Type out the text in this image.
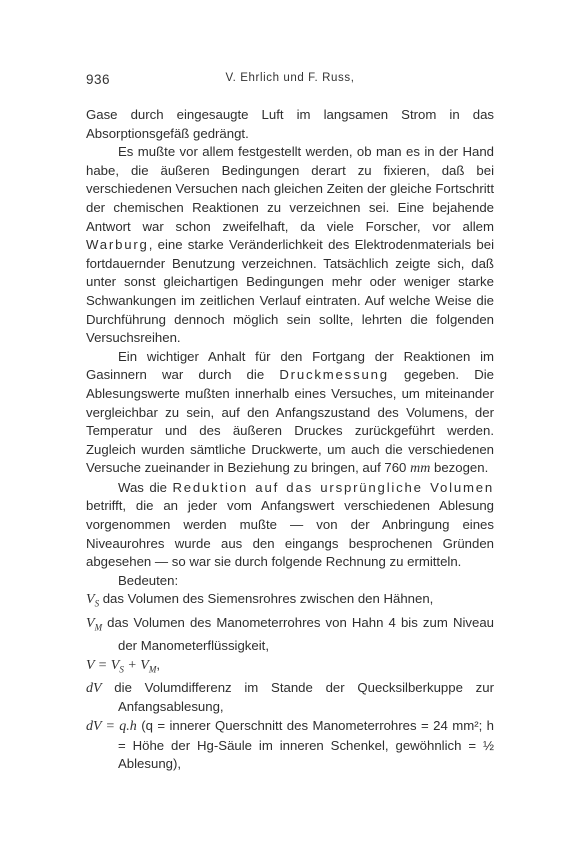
936	V. Ehrlich und F. Russ,

Gase durch eingesaugte Luft im langsamen Strom in das Absorptionsgefäß gedrängt.

Es mußte vor allem festgestellt werden, ob man es in der Hand habe, die äußeren Bedingungen derart zu fixieren, daß bei verschiedenen Versuchen nach gleichen Zeiten der gleiche Fortschritt der chemischen Reaktionen zu verzeichnen sei. Eine bejahende Antwort war schon zweifelhaft, da viele Forscher, vor allem Warburg, eine starke Veränderlichkeit des Elektrodenmaterials bei fortdauernder Benutzung verzeichnen. Tatsächlich zeigte sich, daß unter sonst gleichartigen Bedingungen mehr oder weniger starke Schwankungen im zeitlichen Verlauf eintraten. Auf welche Weise die Durchführung dennoch möglich sein sollte, lehrten die folgenden Versuchsreihen.

Ein wichtiger Anhalt für den Fortgang der Reaktionen im Gasinnern war durch die Druckmessung gegeben. Die Ablesungswerte mußten innerhalb eines Versuches, um miteinander vergleichbar zu sein, auf den Anfangszustand des Volumens, der Temperatur und des äußeren Druckes zurückgeführt werden. Zugleich wurden sämtliche Druckwerte, um auch die verschiedenen Versuche zueinander in Beziehung zu bringen, auf 760 mm bezogen.

Was die Reduktion auf das ursprüngliche Volumen betrifft, die an jeder vom Anfangswert verschiedenen Ablesung vorgenommen werden mußte — von der Anbringung eines Niveaurohres wurde aus den eingangs besprochenen Gründen abgesehen — so war sie durch folgende Rechnung zu ermitteln.

Bedeuten:

$V_S$ das Volumen des Siemensrohres zwischen den Hähnen,

$V_M$ das Volumen des Manometerrohres von Hahn 4 bis zum Niveau der Manometerflüssigkeit,

$V = V_S + V_M$,

dV die Volumdifferenz im Stande der Quecksilberkuppe zur Anfangsablesung,

dV = q.h (q = innerer Querschnitt des Manometerrohres = 24 mm²; h = Höhe der Hg-Säule im inneren Schenkel, gewöhnlich = ½ Ablesung),
